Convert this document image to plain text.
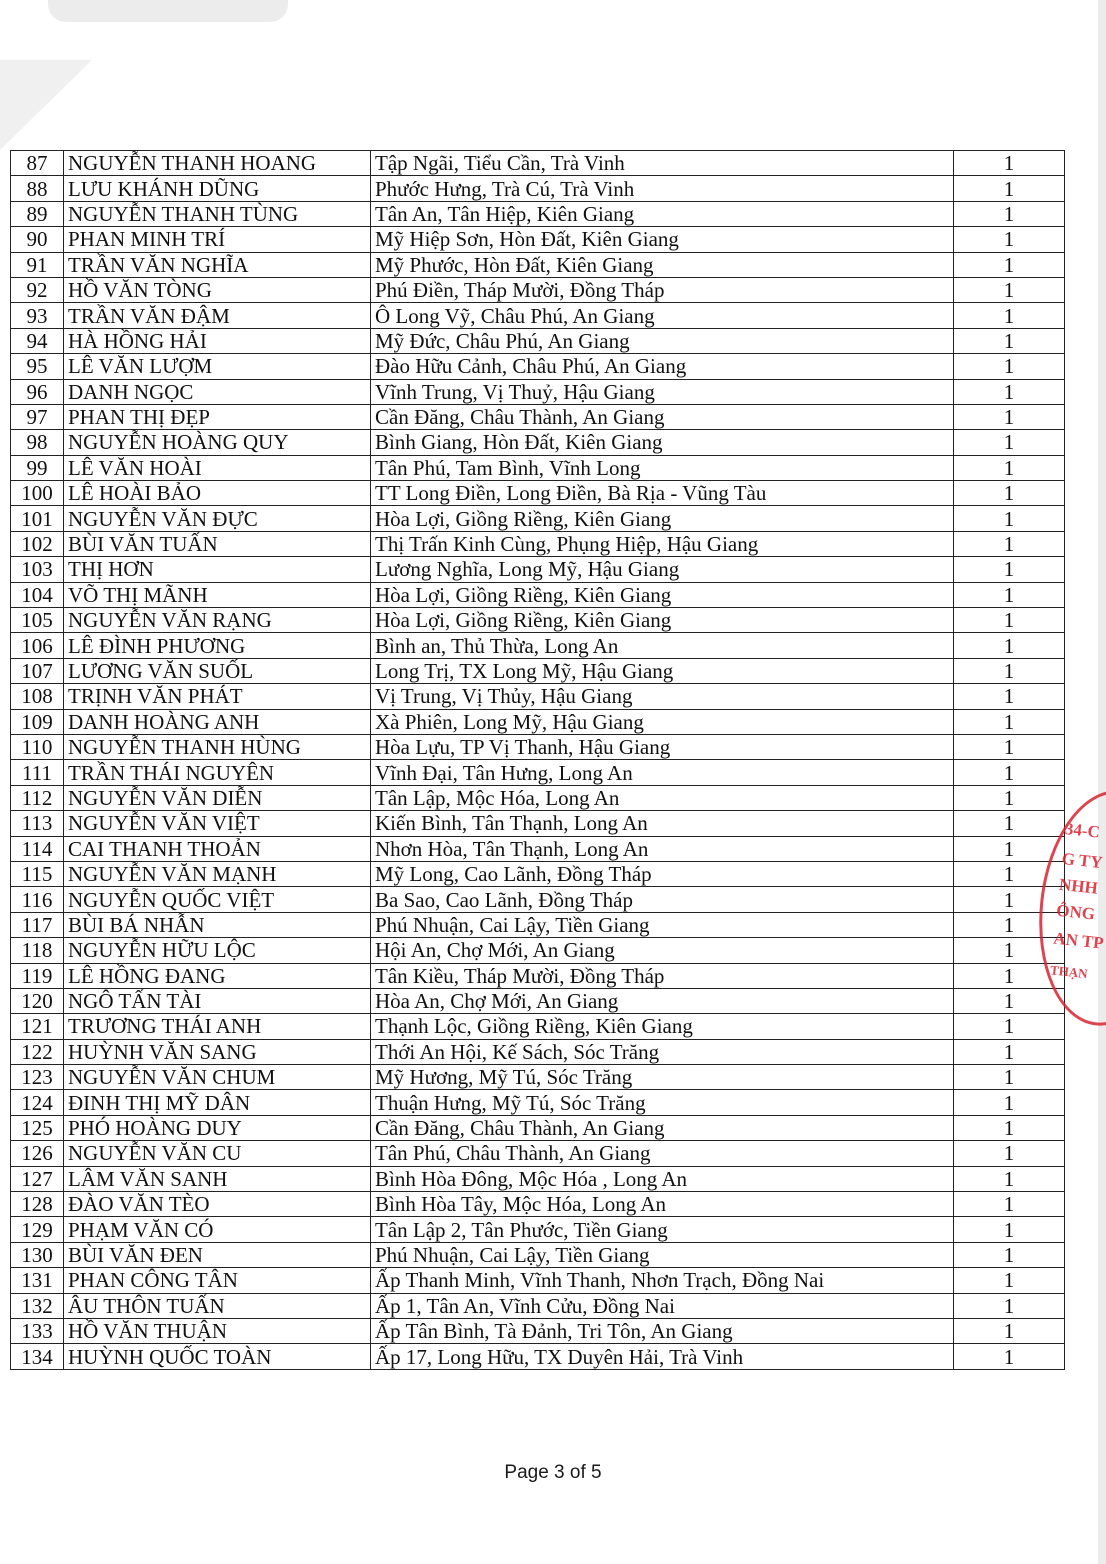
87	NGUYỄN THANH HOANG	Tập Ngãi, Tiểu Cần, Trà Vinh	1
88	LƯU KHÁNH DŨNG	Phước Hưng, Trà Cú, Trà Vinh	1
89	NGUYỄN THANH TÙNG	Tân An, Tân Hiệp, Kiên Giang	1
90	PHAN MINH TRÍ	Mỹ Hiệp Sơn, Hòn Đất, Kiên Giang	1
91	TRẦN VĂN NGHĨA	Mỹ Phước, Hòn Đất, Kiên Giang	1
92	HỒ VĂN TÒNG	Phú Điền, Tháp Mười, Đồng Tháp	1
93	TRẦN VĂN ĐẬM	Ô Long Vỹ, Châu Phú, An Giang	1
94	HÀ HỒNG HẢI	Mỹ Đức, Châu Phú, An Giang	1
95	LÊ VĂN LƯỢM	Đào Hữu Cảnh, Châu Phú, An Giang	1
96	DANH NGỌC	Vĩnh Trung, Vị Thuỷ, Hậu Giang	1
97	PHAN THỊ ĐẸP	Cần Đăng, Châu Thành, An Giang	1
98	NGUYỄN HOÀNG QUY	Bình Giang, Hòn Đất, Kiên Giang	1
99	LÊ VĂN HOÀI	Tân Phú, Tam Bình, Vĩnh Long	1
100	LÊ HOÀI BẢO	TT Long Điền, Long Điền, Bà Rịa - Vũng Tàu	1
101	NGUYỄN VĂN ĐỰC	Hòa Lợi, Giồng Riềng, Kiên Giang	1
102	BÙI VĂN TUẤN	Thị Trấn Kinh Cùng, Phụng Hiệp, Hậu Giang	1
103	THỊ HƠN	Lương Nghĩa, Long Mỹ, Hậu Giang	1
104	VÕ THỊ MÃNH	Hòa Lợi, Giồng Riềng, Kiên Giang	1
105	NGUYỄN VĂN RẠNG	Hòa Lợi, Giồng Riềng, Kiên Giang	1
106	LÊ ĐÌNH PHƯƠNG	Bình an, Thủ Thừa, Long An	1
107	LƯƠNG VĂN SUỐL	Long Trị, TX Long Mỹ, Hậu Giang	1
108	TRỊNH VĂN PHÁT	Vị Trung, Vị Thủy, Hậu Giang	1
109	DANH HOÀNG ANH	Xà Phiên, Long Mỹ, Hậu Giang	1
110	NGUYỄN THANH HÙNG	Hòa Lựu, TP Vị Thanh, Hậu Giang	1
111	TRẦN THÁI NGUYÊN	Vĩnh Đại, Tân Hưng, Long An	1
112	NGUYỄN VĂN DIỄN	Tân Lập, Mộc Hóa, Long An	1
113	NGUYỄN VĂN VIỆT	Kiến Bình, Tân Thạnh, Long An	1
114	CAI THANH THOẢN	Nhơn Hòa, Tân Thạnh, Long An	1
115	NGUYỄN VĂN MẠNH	Mỹ Long, Cao Lãnh, Đồng Tháp	1
116	NGUYỄN QUỐC VIỆT	Ba Sao, Cao Lãnh, Đồng Tháp	1
117	BÙI BÁ NHẪN	Phú Nhuận, Cai Lậy, Tiền Giang	1
118	NGUYỄN HỮU LỘC	Hội An, Chợ Mới, An Giang	1
119	LÊ HỒNG ĐANG	Tân Kiều, Tháp Mười, Đồng Tháp	1
120	NGÔ TẤN TÀI	Hòa An, Chợ Mới, An Giang	1
121	TRƯƠNG THÁI ANH	Thạnh Lộc, Giồng Riềng, Kiên Giang	1
122	HUỲNH VĂN SANG	Thới An Hội, Kế Sách, Sóc Trăng	1
123	NGUYỄN VĂN CHUM	Mỹ Hương, Mỹ Tú, Sóc Trăng	1
124	ĐINH THỊ MỸ DÂN	Thuận Hưng, Mỹ Tú, Sóc Trăng	1
125	PHÓ HOÀNG DUY	Cần Đăng, Châu Thành, An Giang	1
126	NGUYỄN VĂN CU	Tân Phú, Châu Thành, An Giang	1
127	LÂM VĂN SANH	Bình Hòa Đông, Mộc Hóa , Long An	1
128	ĐÀO VĂN TÈO	Bình Hòa Tây, Mộc Hóa, Long An	1
129	PHẠM VĂN CÓ	Tân Lập 2, Tân Phước, Tiền Giang	1
130	BÙI VĂN ĐEN	Phú Nhuận, Cai Lậy, Tiền Giang	1
131	PHAN CÔNG TÂN	Ấp Thanh Minh, Vĩnh Thanh, Nhơn Trạch, Đồng Nai	1
132	ÂU THÔN TUẤN	Ấp 1, Tân An, Vĩnh Cửu, Đồng Nai	1
133	HỒ VĂN THUẬN	Ấp Tân Bình, Tà Đảnh, Tri Tôn, An Giang	1
134	HUỲNH QUỐC TOÀN	Ấp 17, Long Hữu, TX Duyên Hải, Trà Vinh	1
34-C
G TY
NHH
ÔNG
AN TP
THẠN
Page 3 of 5
